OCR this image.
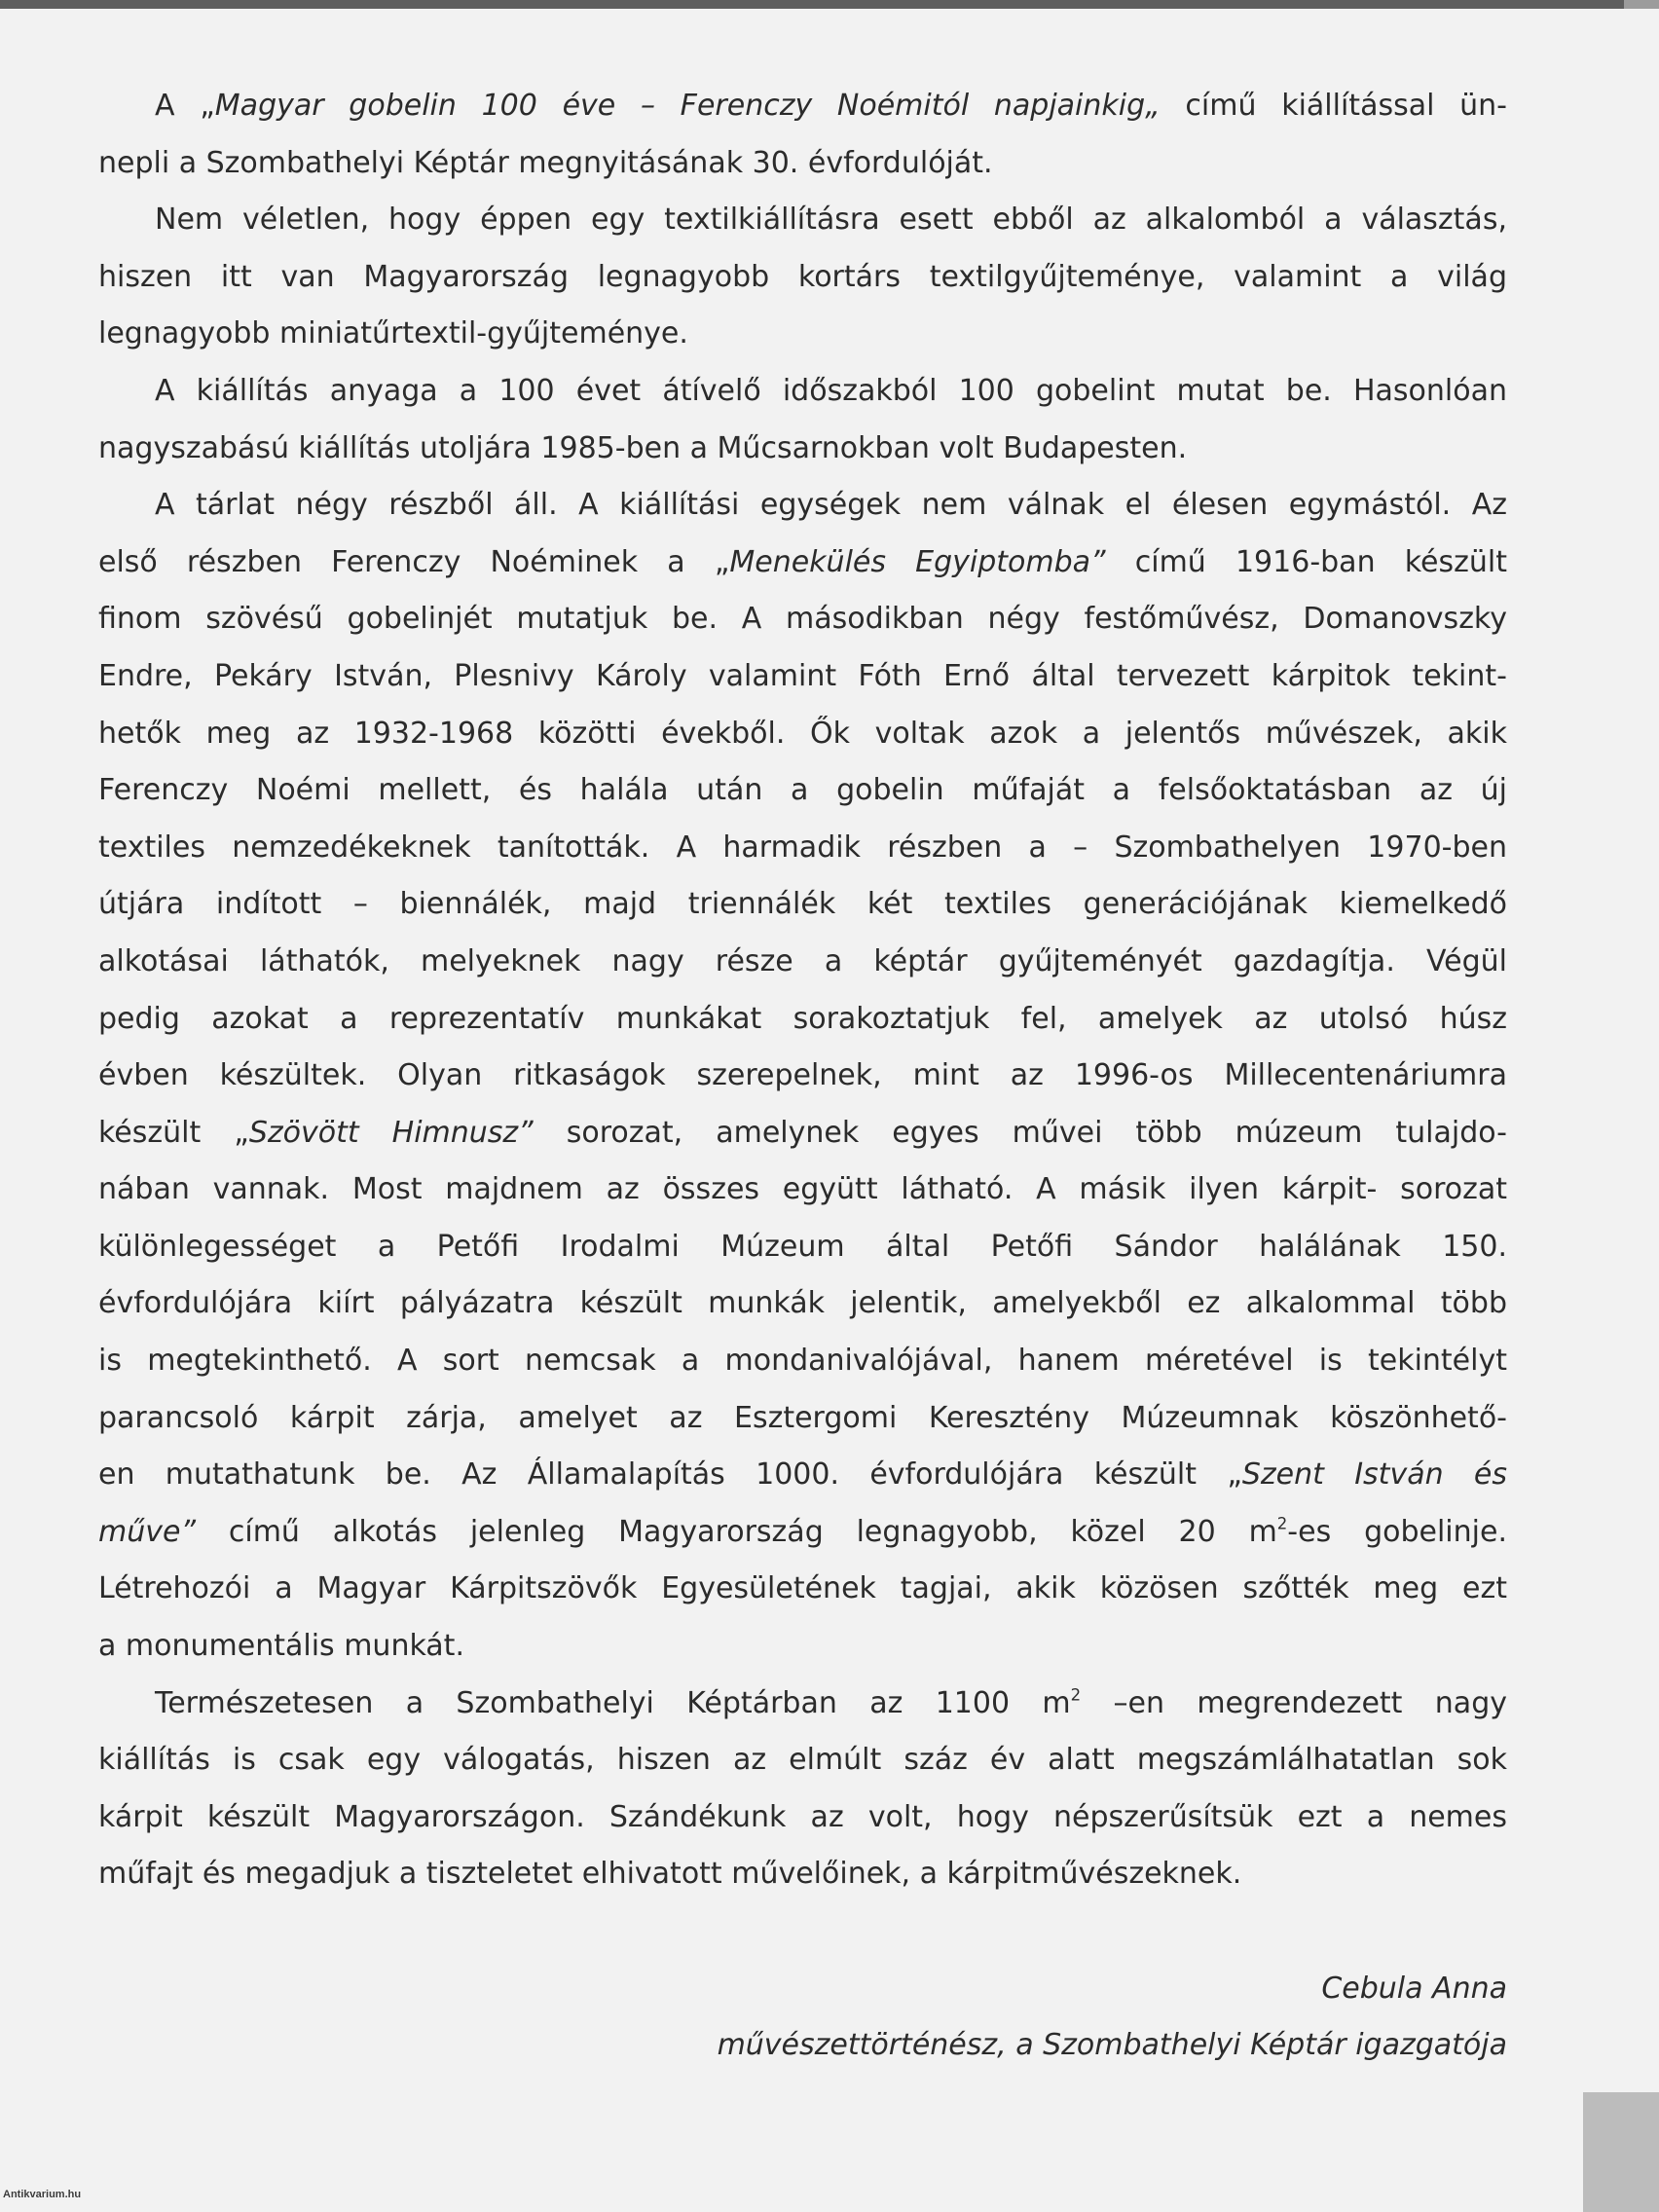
A „Magyar gobelin 100 éve – Ferenczy Noémitól napjainkig„ című kiállítással ün-
nepli a Szombathelyi Képtár megnyitásának 30. évfordulóját.
Nem véletlen, hogy éppen egy textilkiállításra esett ebből az alkalomból a választás,
hiszen itt van Magyarország legnagyobb kortárs textilgyűjteménye, valamint a világ
legnagyobb miniatűrtextil-gyűjteménye.
A kiállítás anyaga a 100 évet átívelő időszakból 100 gobelint mutat be. Hasonlóan
nagyszabású kiállítás utoljára 1985-ben a Műcsarnokban volt Budapesten.
A tárlat négy részből áll. A kiállítási egységek nem válnak el élesen egymástól. Az
első részben Ferenczy Noéminek a „Menekülés Egyiptomba” című 1916-ban készült
finom szövésű gobelinjét mutatjuk be. A másodikban négy festőművész, Domanovszky
Endre, Pekáry István, Plesnivy Károly valamint Fóth Ernő által tervezett kárpitok tekint-
hetők meg az 1932-1968 közötti évekből. Ők voltak azok a jelentős művészek, akik
Ferenczy Noémi mellett, és halála után a gobelin műfaját a felsőoktatásban az új
textiles nemzedékeknek tanították. A harmadik részben a – Szombathelyen 1970-ben
útjára indított – biennálék, majd triennálék két textiles generációjának kiemelkedő
alkotásai láthatók, melyeknek nagy része a képtár gyűjteményét gazdagítja. Végül
pedig azokat a reprezentatív munkákat sorakoztatjuk fel, amelyek az utolsó húsz
évben készültek. Olyan ritkaságok szerepelnek, mint az 1996-os Millecentenáriumra
készült „Szövött Himnusz” sorozat, amelynek egyes művei több múzeum tulajdo-
nában vannak. Most majdnem az összes együtt látható. A másik ilyen kárpit- sorozat
különlegességet a Petőfi Irodalmi Múzeum által Petőfi Sándor halálának 150.
évfordulójára kiírt pályázatra készült munkák jelentik, amelyekből ez alkalommal több
is megtekinthető. A sort nemcsak a mondanivalójával, hanem méretével is tekintélyt
parancsoló kárpit zárja, amelyet az Esztergomi Keresztény Múzeumnak köszönhető-
en mutathatunk be. Az Államalapítás 1000. évfordulójára készült „Szent István és
műve” című alkotás jelenleg Magyarország legnagyobb, közel 20 $m^2-es$ gobelinje.
Létrehozói a Magyar Kárpitszövők Egyesületének tagjai, akik közösen szőtték meg ezt
a monumentális munkát.
Természetesen a Szombathelyi Képtárban az 1100 $m^2$ –en megrendezett nagy
kiállítás is csak egy válogatás, hiszen az elmúlt száz év alatt megszámlálhatatlan sok
kárpit készült Magyarországon. Szándékunk az volt, hogy népszerűsítsük ezt a nemes
műfajt és megadjuk a tiszteletet elhivatott művelőinek, a kárpitművészeknek.
Cebula Anna
művészettörténész, a Szombathelyi Képtár igazgatója
Antikvarium.hu
